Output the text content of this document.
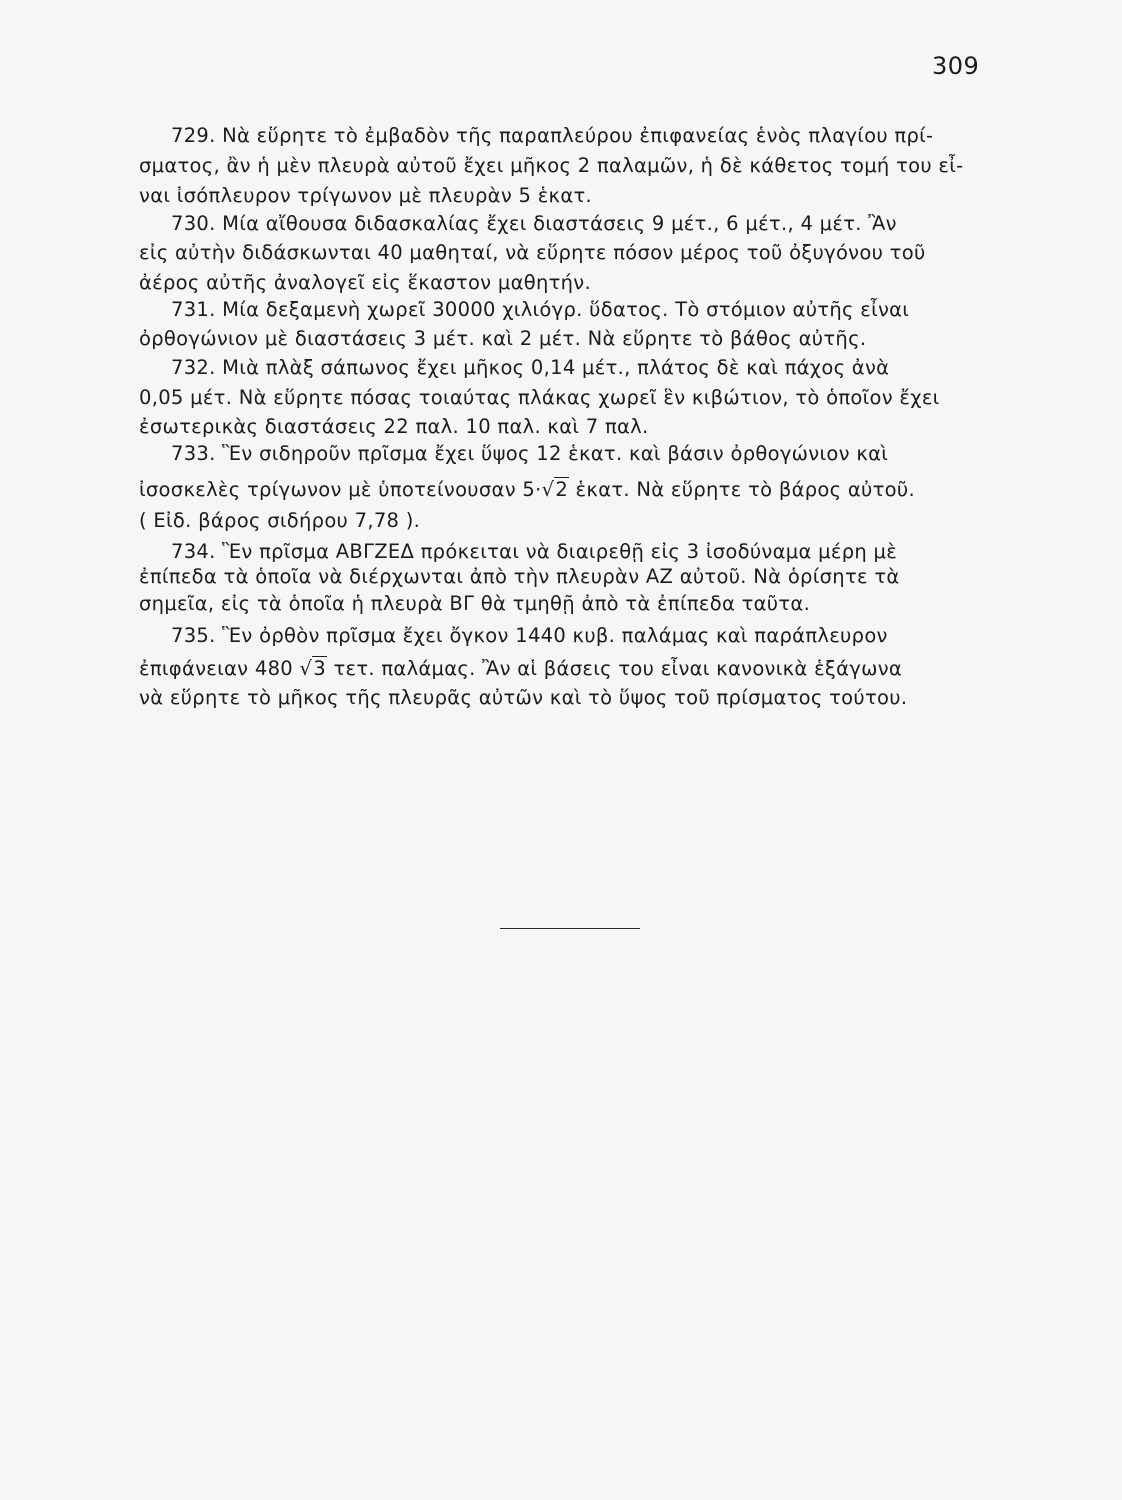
309
729. Νὰ εὕρητε τὸ ἐμβαδὸν τῆς παραπλεύρου ἐπιφανείας ἑνὸς πλαγίου πρί-
σματος, ἂν ἡ μὲν πλευρὰ αὐτοῦ ἔχει μῆκος 2 παλαμῶν, ἡ δὲ κάθετος τομή του εἶ-
ναι ἰσόπλευρον τρίγωνον μὲ πλευρὰν 5 ἑκατ.
730. Μία αἴθουσα διδασκαλίας ἔχει διαστάσεις 9 μέτ., 6 μέτ., 4 μέτ. Ἂν
εἰς αὐτὴν διδάσκωνται 40 μαθηταί, νὰ εὕρητε πόσον μέρος τοῦ ὀξυγόνου τοῦ
ἀέρος αὐτῆς ἀναλογεῖ εἰς ἕκαστον μαθητήν.
731. Μία δεξαμενὴ χωρεῖ 30000 χιλιόγρ. ὕδατος. Τὸ στόμιον αὐτῆς εἶναι
ὀρθογώνιον μὲ διαστάσεις 3 μέτ. καὶ 2 μέτ. Νὰ εὕρητε τὸ βάθος αὐτῆς.
732. Μιὰ πλὰξ σάπωνος ἔχει μῆκος 0,14 μέτ., πλάτος δὲ καὶ πάχος ἀνὰ
0,05 μέτ. Νὰ εὕρητε πόσας τοιαύτας πλάκας χωρεῖ ἓν κιβώτιον, τὸ ὁποῖον ἔχει
ἐσωτερικὰς διαστάσεις 22 παλ. 10 παλ. καὶ 7 παλ.
733. Ἓν σιδηροῦν πρῖσμα ἔχει ὕψος 12 ἑκατ. καὶ βάσιν ὀρθογώνιον καὶ
ἰσοσκελὲς τρίγωνον μὲ ὑποτείνουσαν 5·√2 ἑκατ. Νὰ εὕρητε τὸ βάρος αὐτοῦ.
( Εἰδ. βάρος σιδήρου 7,78 ).
734. Ἓν πρῖσμα ΑΒΓΖΕΔ πρόκειται νὰ διαιρεθῇ εἰς 3 ἰσοδύναμα μέρη μὲ
ἐπίπεδα τὰ ὁποῖα νὰ διέρχωνται ἀπὸ τὴν πλευρὰν ΑΖ αὐτοῦ. Νὰ ὁρίσητε τὰ
σημεῖα, εἰς τὰ ὁποῖα ἡ πλευρὰ ΒΓ θὰ τμηθῇ ἀπὸ τὰ ἐπίπεδα ταῦτα.
735. Ἓν ὀρθὸν πρῖσμα ἔχει ὄγκον 1440 κυβ. παλάμας καὶ παράπλευρον
ἐπιφάνειαν 480 √3 τετ. παλάμας. Ἂν αἱ βάσεις του εἶναι κανονικὰ ἑξάγωνα
νὰ εὕρητε τὸ μῆκος τῆς πλευρᾶς αὐτῶν καὶ τὸ ὕψος τοῦ πρίσματος τούτου.
